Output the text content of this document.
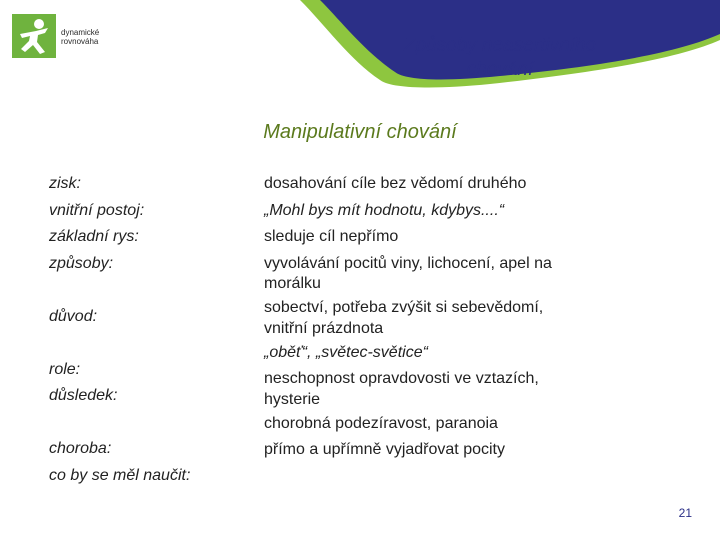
dynamické
rovnováha	Způsoby neasertivního
chování
Manipulativní chování
zisk:
vnitřní postoj:
základní rys:
způsoby:
důvod:
role:
důsledek:
choroba:
co by se měl naučit:
dosahování cíle bez vědomí druhého
„Mohl bys mít hodnotu, kdybys....“
sleduje cíl nepřímo
vyvolávání pocitů viny, lichocení, apel na
morálku
sobectví, potřeba zvýšit si sebevědomí,
vnitřní prázdnota
„oběť“, „světec-světice“
neschopnost opravdovosti ve vztazích,
hysterie
chorobná podezíravost, paranoia
přímo a upřímně vyjadřovat pocity
21
